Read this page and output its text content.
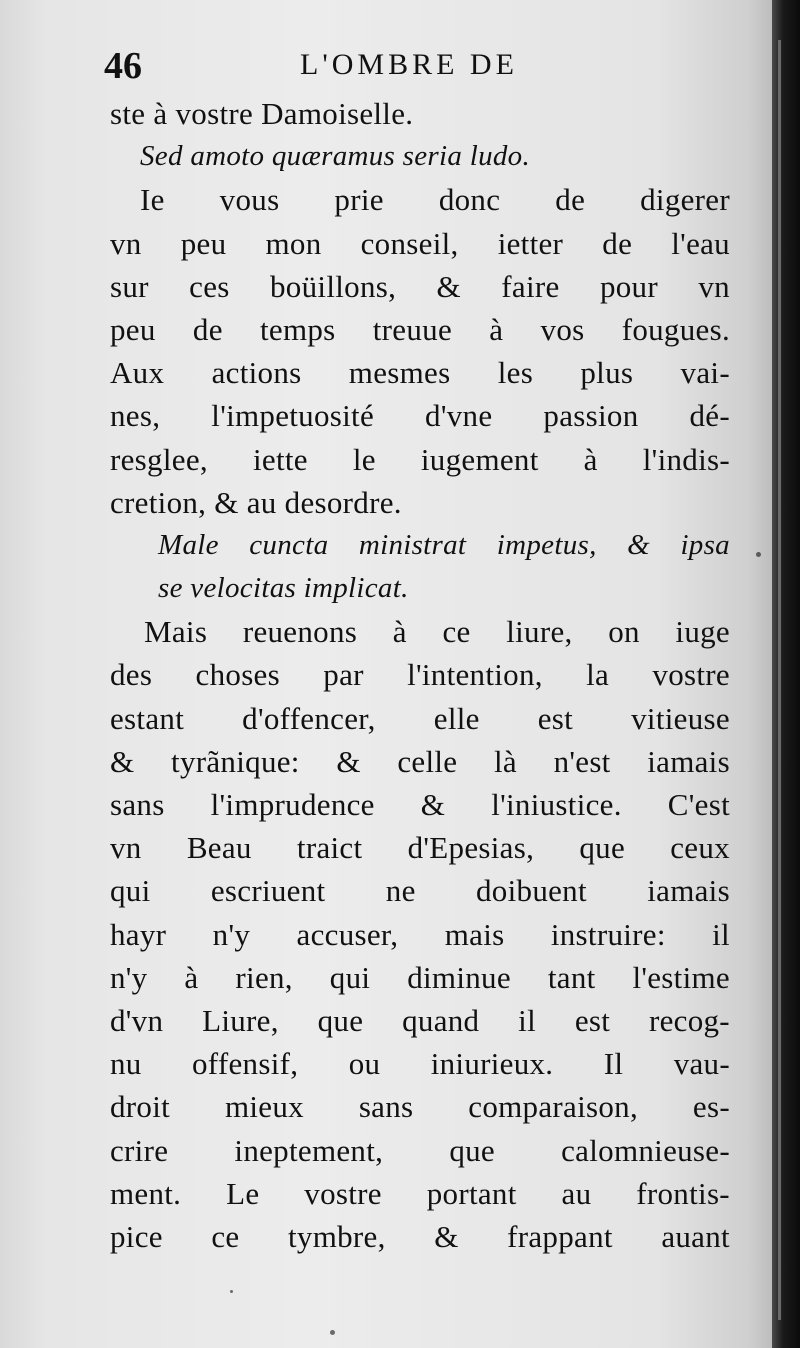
46	L'OMBRE DE
ste à vostre Damoiselle.
Sed amoto quæramus seria ludo.
Ie vous prie donc de digerer
vn peu mon conseil, ietter de l'eau
sur ces boüillons, & faire pour vn
peu de temps treuue à vos fougues.
Aux actions mesmes les plus vai-
nes, l'impetuosité d'vne passion dé-
resglee, iette le iugement à l'indis-
cretion, & au desordre.
Male cuncta ministrat impetus, & ipsa
se velocitas implicat.
Mais reuenons à ce liure, on iuge
des choses par l'intention, la vostre
estant d'offencer, elle est vitieuse
& tyrãnique: & celle là n'est iamais
sans l'imprudence & l'iniustice. C'est
vn Beau traict d'Epesias, que ceux
qui escriuent ne doibuent iamais
hayr n'y accuser, mais instruire: il
n'y à rien, qui diminue tant l'estime
d'vn Liure, que quand il est recog-
nu offensif, ou iniurieux. Il vau-
droit mieux sans comparaison, es-
crire ineptement, que calomnieuse-
ment. Le vostre portant au frontis-
pice ce tymbre, & frappant auant
